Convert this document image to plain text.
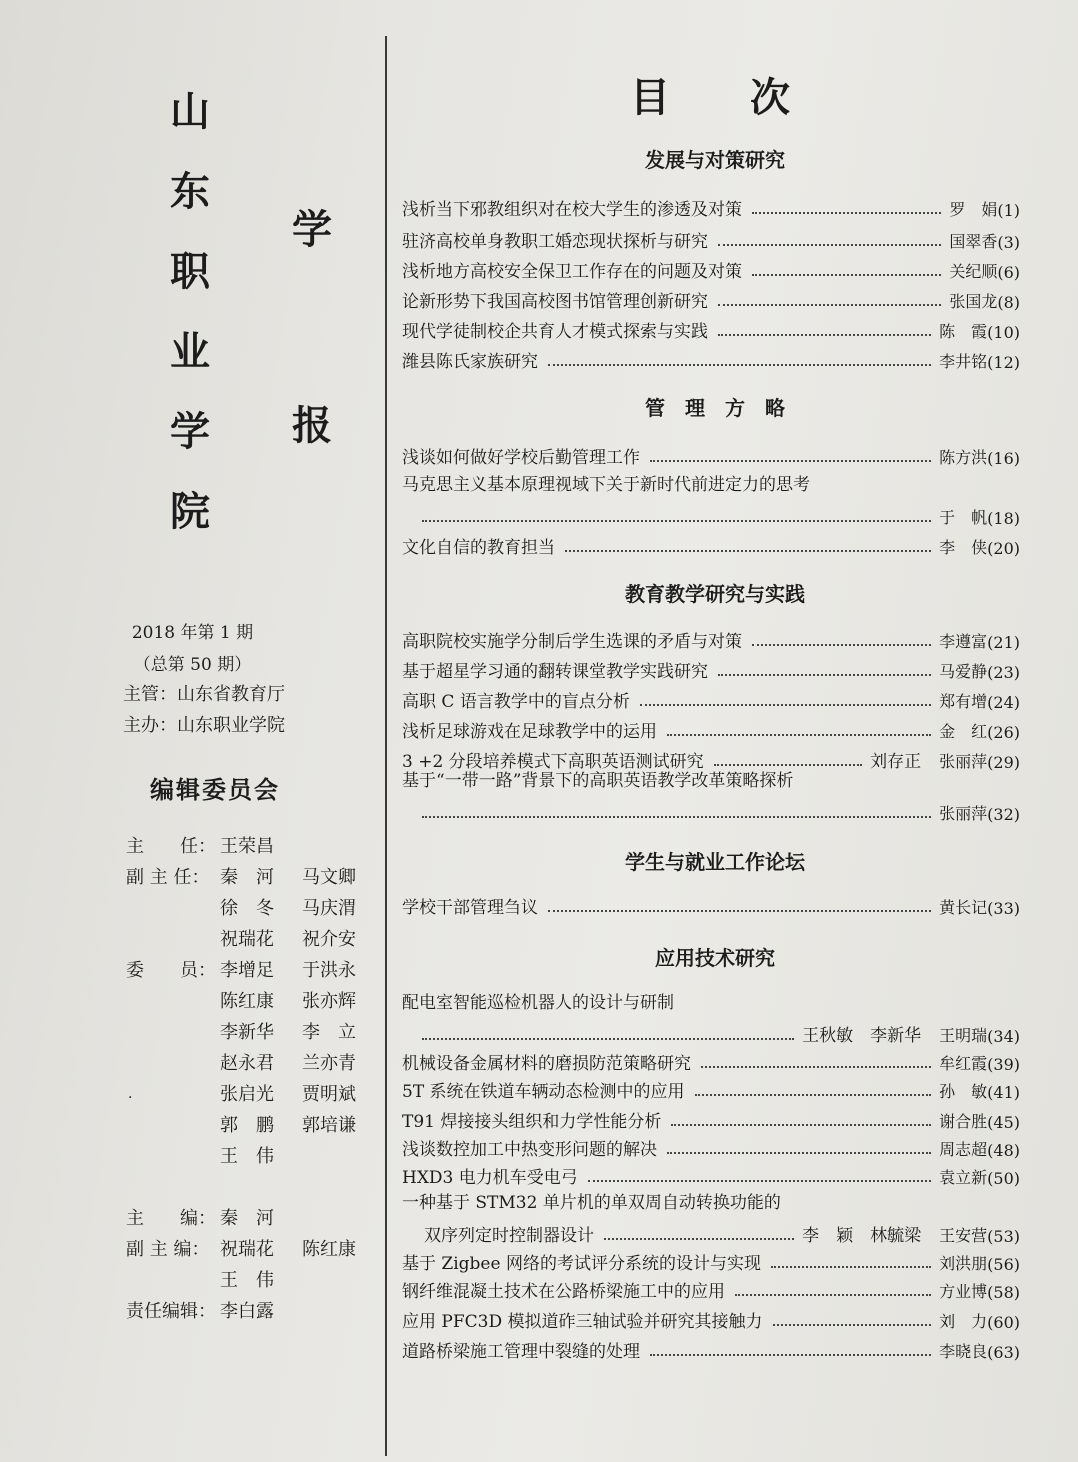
山
东
职
业
学
院
学
报
2018 年第 1 期
（总第 50 期）
主管：山东省教育厅
主办：山东职业学院
编辑委员会
主　　任： 王荣昌
副 主 任： 秦　河 马文卿
徐　冬 马庆渭
祝瑞花 祝介安
委　　员： 李增足 于洪永
陈红康 张亦辉
李新华 李　立
赵永君 兰亦青
张启光 贾明斌
郭　鹏 郭培谦
王　伟
主　　编： 秦　河
副 主 编： 祝瑞花 陈红康
王　伟
责任编辑： 李白露
.
目次
发展与对策研究
浅析当下邪教组织对在校大学生的渗透及对策	罗　娟 (1)
驻济高校单身教职工婚恋现状探析与研究	国翠香 (3)
浅析地方高校安全保卫工作存在的问题及对策	关纪顺 (6)
论新形势下我国高校图书馆管理创新研究	张国龙 (8)
现代学徒制校企共育人才模式探索与实践	陈　霞 (10)
潍县陈氏家族研究	李井铭 (12)
管　理　方　略
浅谈如何做好学校后勤管理工作	陈方洪 (16)
马克思主义基本原理视域下关于新时代前进定力的思考
于　帆 (18)
文化自信的教育担当	李　侠 (20)
教育教学研究与实践
高职院校实施学分制后学生选课的矛盾与对策	李遵富 (21)
基于超星学习通的翻转课堂教学实践研究	马爱静 (23)
高职 C 语言教学中的盲点分析	郑有增 (24)
浅析足球游戏在足球教学中的运用	金　红 (26)
3 +2 分段培养模式下高职英语测试研究	刘存正 张丽萍 (29)
基于“一带一路”背景下的高职英语教学改革策略探析
张丽萍 (32)
学生与就业工作论坛
学校干部管理刍议	黄长记 (33)
应用技术研究
配电室智能巡检机器人的设计与研制
王秋敏　李新华 王明瑞 (34)
机械设备金属材料的磨损防范策略研究	牟红霞 (39)
5T 系统在铁道车辆动态检测中的应用	孙　敏 (41)
T91 焊接接头组织和力学性能分析	谢合胜 (45)
浅谈数控加工中热变形问题的解决	周志超 (48)
HXD3 电力机车受电弓	袁立新 (50)
一种基于 STM32 单片机的单双周自动转换功能的
双序列定时控制器设计	李　颖　林毓梁 王安营 (53)
基于 Zigbee 网络的考试评分系统的设计与实现	刘洪朋 (56)
钢纤维混凝土技术在公路桥梁施工中的应用	方业博 (58)
应用 PFC3D 模拟道砟三轴试验并研究其接触力	刘　力 (60)
道路桥梁施工管理中裂缝的处理	李晓良 (63)
